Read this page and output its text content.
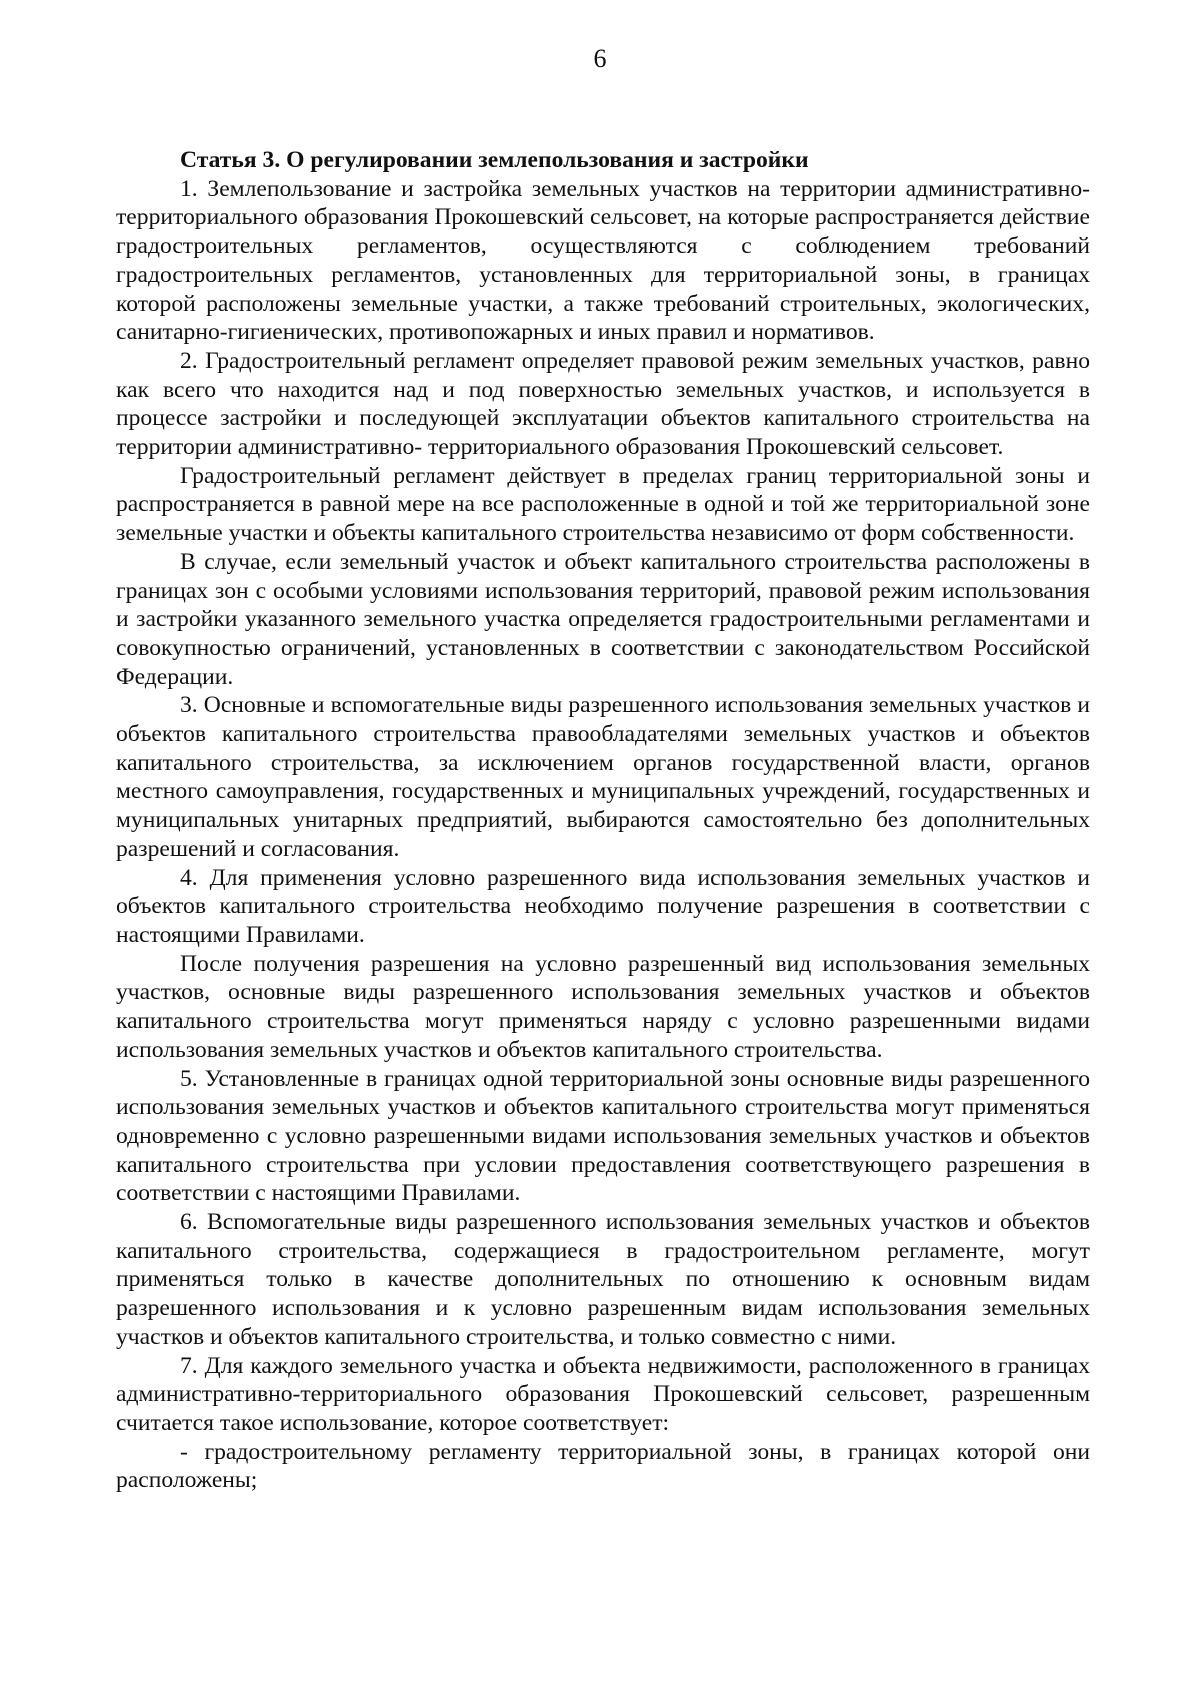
6

Статья 3. О регулировании землепользования и застройки

1. Землепользование и застройка земельных участков на территории административно-территориального образования Прокошевский сельсовет, на которые распространяется действие градостроительных регламентов, осуществляются с соблюдением требований градостроительных регламентов, установленных для территориальной зоны, в границах которой расположены земельные участки, а также требований строительных, экологических, санитарно-гигиенических, противопожарных и иных правил и нормативов.

2. Градостроительный регламент определяет правовой режим земельных участков, равно как всего что находится над и под поверхностью земельных участков, и используется в процессе застройки и последующей эксплуатации объектов капитального строительства на территории административно- территориального образования Прокошевский сельсовет.

Градостроительный регламент действует в пределах границ территориальной зоны и распространяется в равной мере на все расположенные в одной и той же территориальной зоне земельные участки и объекты капитального строительства независимо от форм собственности.

В случае, если земельный участок и объект капитального строительства расположены в границах зон с особыми условиями использования территорий, правовой режим использования и застройки указанного земельного участка определяется градостроительными регламентами и совокупностью ограничений, установленных в соответствии с законодательством Российской Федерации.

3. Основные и вспомогательные виды разрешенного использования земельных участков и объектов капитального строительства правообладателями земельных участков и объектов капитального строительства, за исключением органов государственной власти, органов местного самоуправления, государственных и муниципальных учреждений, государственных и муниципальных унитарных предприятий, выбираются самостоятельно без дополнительных разрешений и согласования.

4. Для применения условно разрешенного вида использования земельных участков и объектов капитального строительства необходимо получение разрешения в соответствии с настоящими Правилами.

После получения разрешения на условно разрешенный вид использования земельных участков, основные виды разрешенного использования земельных участков и объектов капитального строительства могут применяться наряду с условно разрешенными видами использования земельных участков и объектов капитального строительства.

5. Установленные в границах одной территориальной зоны основные виды разрешенного использования земельных участков и объектов капитального строительства могут применяться одновременно с условно разрешенными видами использования земельных участков и объектов капитального строительства при условии предоставления соответствующего разрешения в соответствии с настоящими Правилами.

6. Вспомогательные виды разрешенного использования земельных участков и объектов капитального строительства, содержащиеся в градостроительном регламенте, могут применяться только в качестве дополнительных по отношению к основным видам разрешенного использования и к условно разрешенным видам использования земельных участков и объектов капитального строительства, и только совместно с ними.

7. Для каждого земельного участка и объекта недвижимости, расположенного в границах административно-территориального образования Прокошевский сельсовет, разрешенным считается такое использование, которое соответствует:

- градостроительному регламенту территориальной зоны, в границах которой они расположены;
